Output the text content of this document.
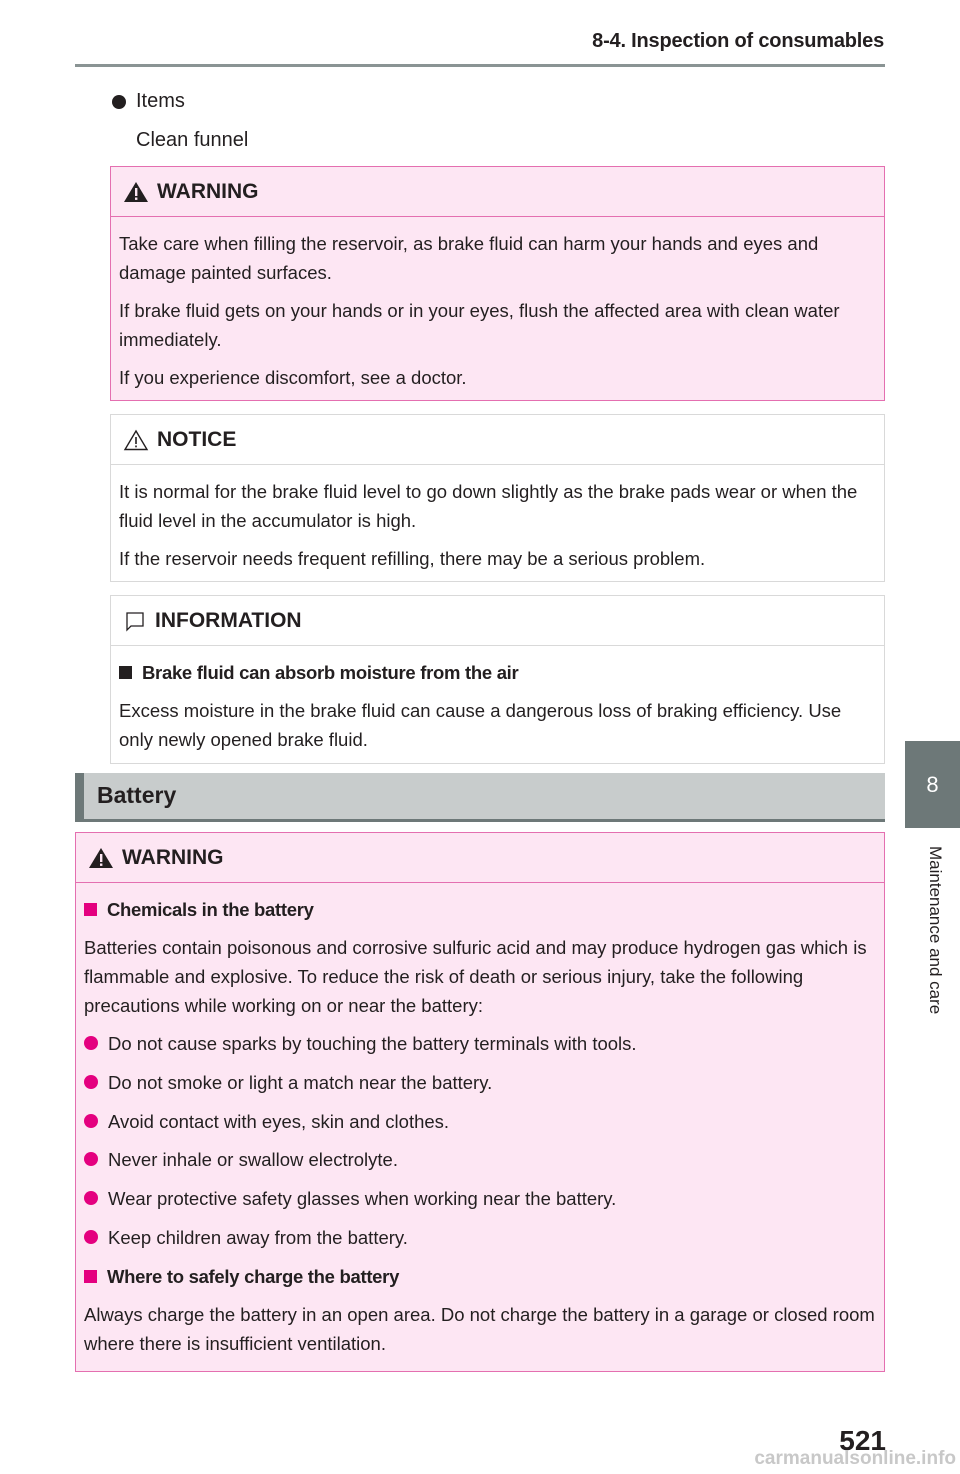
8-4. Inspection of consumables
8
Maintenance and care
Items
Clean funnel
WARNING

Take care when filling the reservoir, as brake fluid can harm your hands and eyes and damage painted surfaces.

If brake fluid gets on your hands or in your eyes, flush the affected area with clean water immediately.

If you experience discomfort, see a doctor.

NOTICE

It is normal for the brake fluid level to go down slightly as the brake pads wear or when the fluid level in the accumulator is high.

If the reservoir needs frequent refilling, there may be a serious problem.

INFORMATION
Brake fluid can absorb moisture from the air

Excess moisture in the brake fluid can cause a dangerous loss of braking efficiency. Use only newly opened brake fluid.

Battery
WARNING
Chemicals in the battery

Batteries contain poisonous and corrosive sulfuric acid and may produce hydrogen gas which is flammable and explosive. To reduce the risk of death or serious injury, take the following precautions while working on or near the battery:

Do not cause sparks by touching the battery terminals with tools.
Do not smoke or light a match near the battery.
Avoid contact with eyes, skin and clothes.
Never inhale or swallow electrolyte.
Wear protective safety glasses when working near the battery.
Keep children away from the battery.
Where to safely charge the battery

Always charge the battery in an open area. Do not charge the battery in a garage or closed room where there is insufficient ventilation.

521
carmanualsonline.info
